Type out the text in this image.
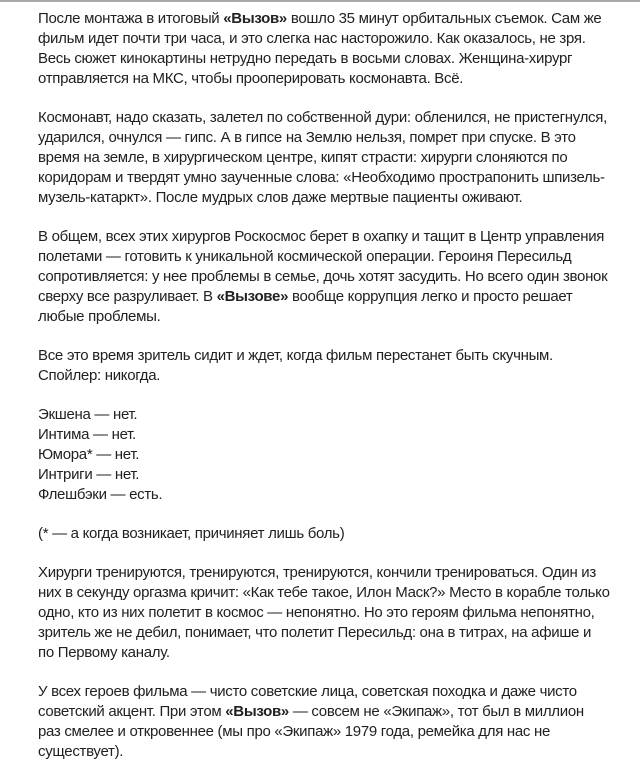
После монтажа в итоговый «Вызов» вошло 35 минут орбитальных съемок. Сам же фильм идет почти три часа, и это слегка нас насторожило. Как оказалось, не зря. Весь сюжет кинокартины нетрудно передать в восьми словах. Женщина-хирург отправляется на МКС, чтобы прооперировать космонавта. Всё.

Космонавт, надо сказать, залетел по собственной дури: обленился, не пристегнулся, ударился, очнулся — гипс. А в гипсе на Землю нельзя, помрет при спуске. В это время на земле, в хирургическом центре, кипят страсти: хирурги слоняются по коридорам и твердят умно заученные слова: «Необходимо прострапонить шпизель-музель-катаркт». После мудрых слов даже мертвые пациенты оживают.

В общем, всех этих хирургов Роскосмос берет в охапку и тащит в Центр управления полетами — готовить к уникальной космической операции. Героиня Пересильд сопротивляется: у нее проблемы в семье, дочь хотят засудить. Но всего один звонок сверху все разруливает. В «Вызове» вообще коррупция легко и просто решает любые проблемы.

Все это время зритель сидит и ждет, когда фильм перестанет быть скучным. Спойлер: никогда.

Экшена — нет.
Интима — нет.
Юмора* — нет.
Интриги — нет.
Флешбэки — есть.

(* — а когда возникает, причиняет лишь боль)

Хирурги тренируются, тренируются, тренируются, кончили тренироваться. Один из них в секунду оргазма кричит: «Как тебе такое, Илон Маск?» Место в корабле только одно, кто из них полетит в космос — непонятно. Но это героям фильма непонятно, зритель же не дебил, понимает, что полетит Пересильд: она в титрах, на афише и по Первому каналу.

У всех героев фильма — чисто советские лица, советская походка и даже чисто советский акцент. При этом «Вызов» — совсем не «Экипаж», тот был в миллион раз смелее и откровеннее (мы про «Экипаж» 1979 года, ремейка для нас не существует).
